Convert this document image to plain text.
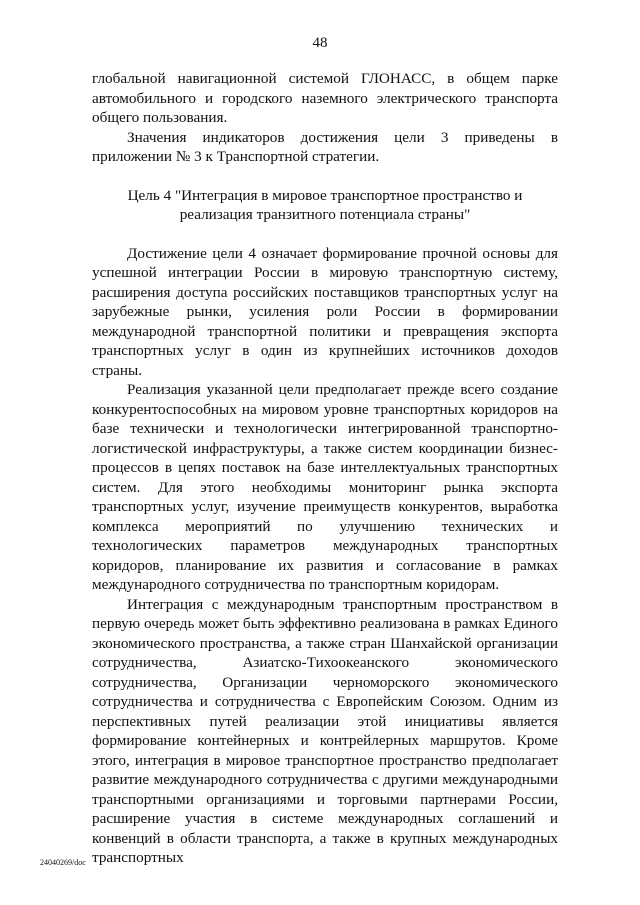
48

глобальной навигационной системой ГЛОНАСС, в общем парке автомобильного и городского наземного электрического транспорта общего пользования.

Значения индикаторов достижения цели 3 приведены в приложении № 3 к Транспортной стратегии.

Цель 4 "Интеграция в мировое транспортное пространство и реализация транзитного потенциала страны"

Достижение цели 4 означает формирование прочной основы для успешной интеграции России в мировую транспортную систему, расширения доступа российских поставщиков транспортных услуг на зарубежные рынки, усиления роли России в формировании международной транспортной политики и превращения экспорта транспортных услуг в один из крупнейших источников доходов страны.

Реализация указанной цели предполагает прежде всего создание конкурентоспособных на мировом уровне транспортных коридоров на базе технически и технологически интегрированной транспортно-логистической инфраструктуры, а также систем координации бизнес-процессов в цепях поставок на базе интеллектуальных транспортных систем. Для этого необходимы мониторинг рынка экспорта транспортных услуг, изучение преимуществ конкурентов, выработка комплекса мероприятий по улучшению технических и технологических параметров международных транспортных коридоров, планирование их развития и согласование в рамках международного сотрудничества по транспортным коридорам.

Интеграция с международным транспортным пространством в первую очередь может быть эффективно реализована в рамках Единого экономического пространства, а также стран Шанхайской организации сотрудничества, Азиатско-Тихоокеанского экономического сотрудничества, Организации черноморского экономического сотрудничества и сотрудничества с Европейским Союзом. Одним из перспективных путей реализации этой инициативы является формирование контейнерных и контрейлерных маршрутов. Кроме этого, интеграция в мировое транспортное пространство предполагает развитие международного сотрудничества с другими международными транспортными организациями и торговыми партнерами России, расширение участия в системе международных соглашений и конвенций в области транспорта, а также в крупных международных транспортных

24040269/doc
